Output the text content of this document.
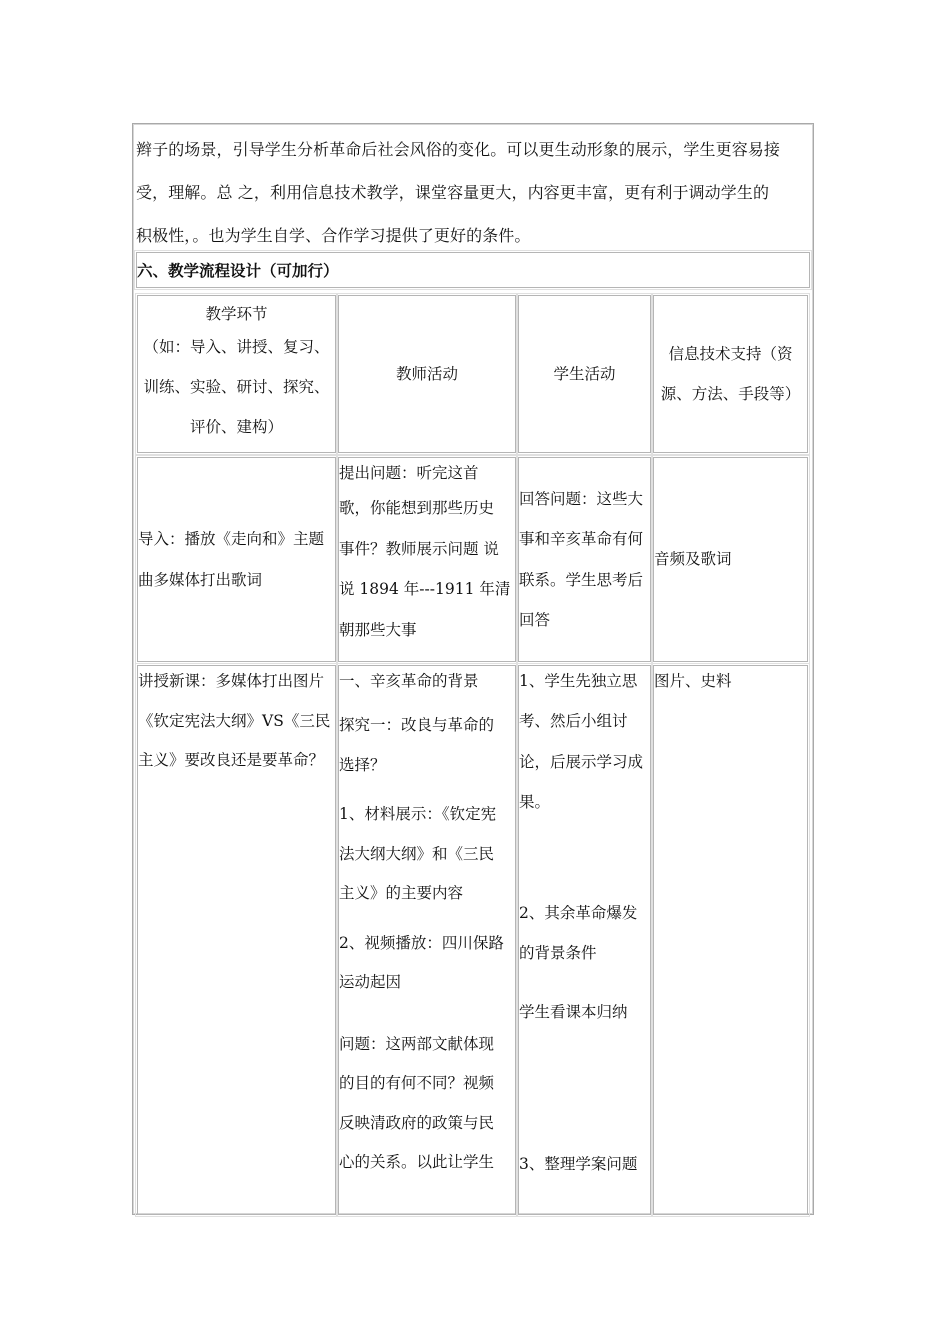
辫子的场景，引导学生分析革命后社会风俗的变化。可以更生动形象的展示，学生更容易接

受，理解。总 之，利用信息技术教学，课堂容量更大，内容更丰富，更有利于调动学生的

积极性，。也为学生自学、合作学习提供了更好的条件。

六、教学流程设计（可加行）

教学环节

（如：导入、讲授、复习、

训练、实验、研讨、探究、

评价、建构）

教师活动	学生活动

信息技术支持（资

源、方法、手段等）

导入：播放《走向和》主题

曲多媒体打出歌词

提出问题：听完这首

歌，你能想到那些历史

事件？教师展示问题 说

说 1894 年---1911 年清

朝那些大事

回答问题：这些大

事和辛亥革命有何

联系。学生思考后

回答

音频及歌词

讲授新课：多媒体打出图片

《钦定宪法大纲》VS《三民

主义》要改良还是要革命？

一、辛亥革命的背景

探究一：改良与革命的

选择？

1、材料展示：《钦定宪

法大纲大纲》和《三民

主义》的主要内容

2、视频播放：四川保路

运动起因

问题：这两部文献体现

的目的有何不同？视频

反映清政府的政策与民

心的关系。以此让学生

1、学生先独立思

考、然后小组讨

论，后展示学习成

果。

2、其余革命爆发

的背景条件

学生看课本归纳

3、整理学案问题

图片、史料
